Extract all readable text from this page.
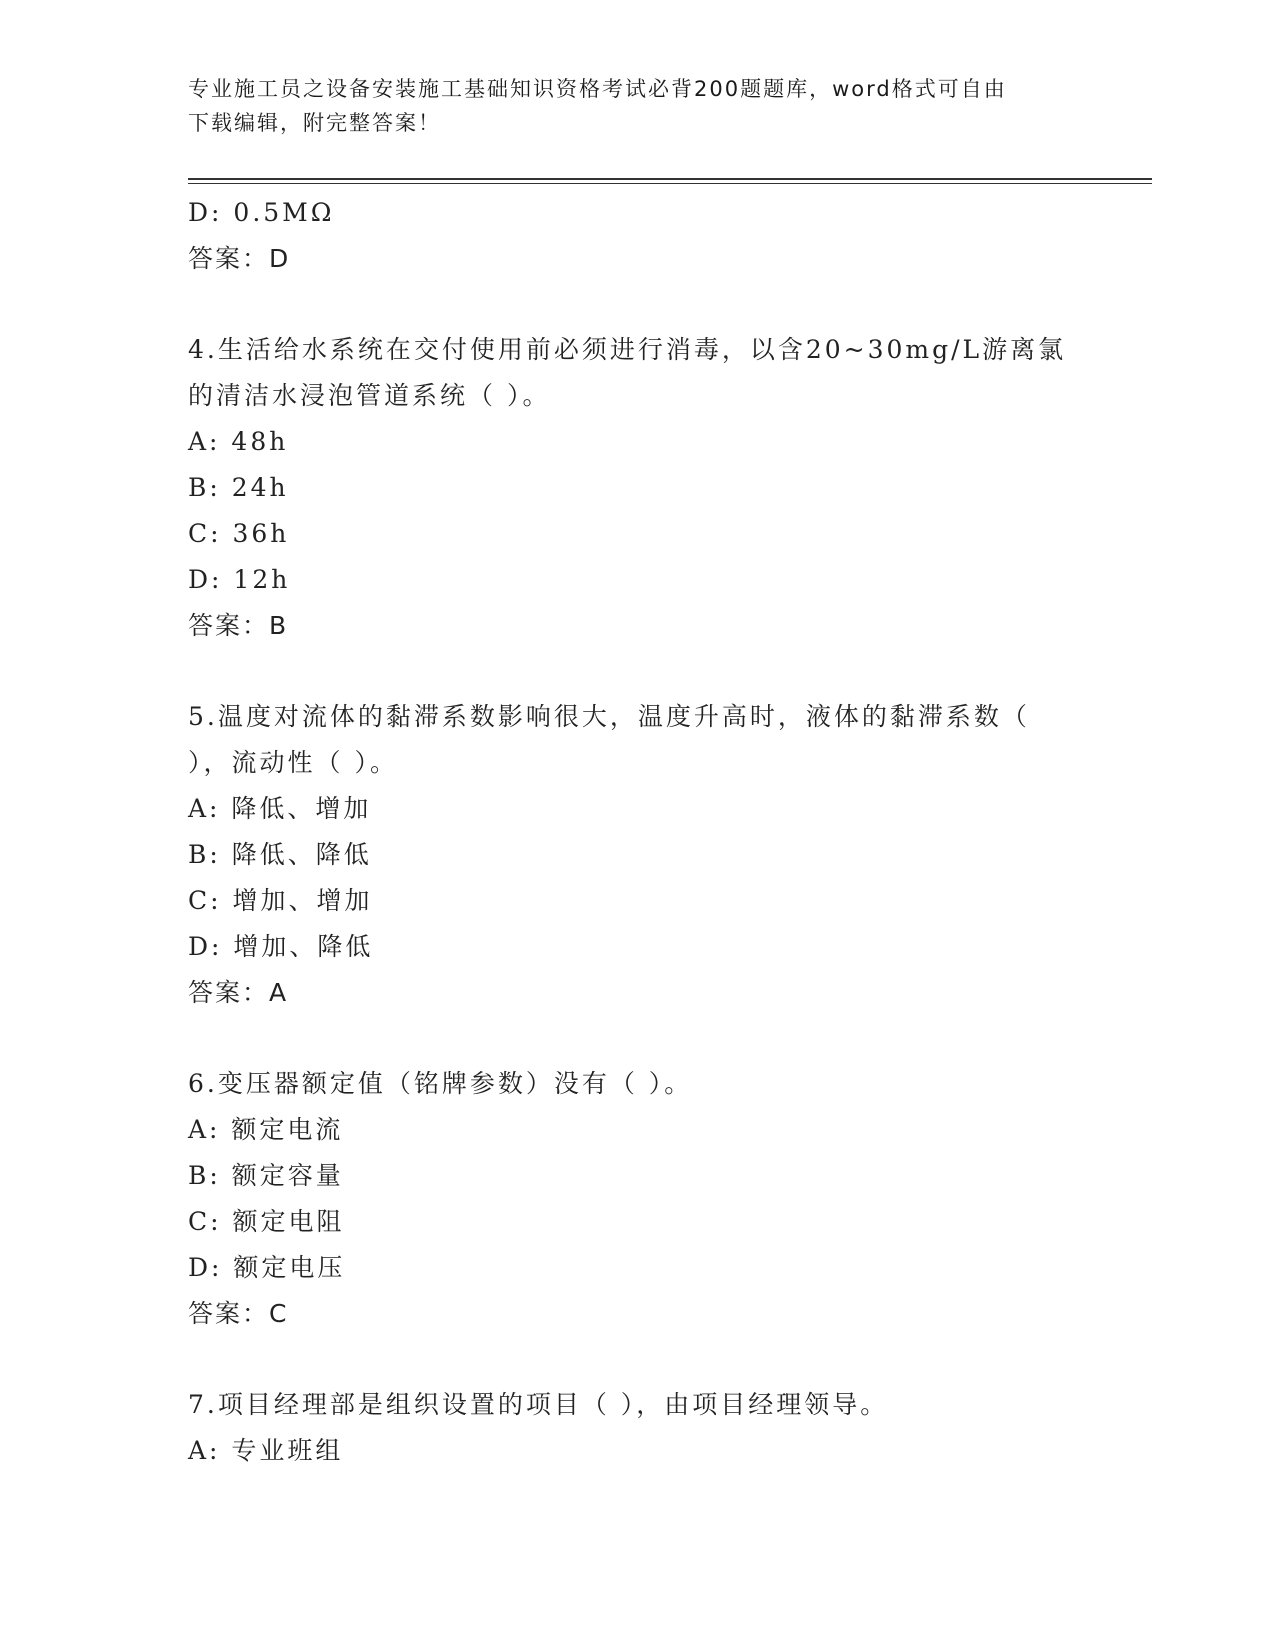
专业施工员之设备安装施工基础知识资格考试必背200题题库，word格式可自由
下载编辑，附完整答案！
D: 0.5MΩ
答案：D
4.生活给水系统在交付使用前必须进行消毒，以含20~30mg/L游离氯
的清洁水浸泡管道系统（ ）。
A: 48h
B: 24h
C: 36h
D: 12h
答案：B
5.温度对流体的黏滞系数影响很大，温度升高时，液体的黏滞系数（
），流动性（ ）。
A: 降低、增加
B: 降低、降低
C: 增加、增加
D: 增加、降低
答案：A
6.变压器额定值（铭牌参数）没有（ ）。
A: 额定电流
B: 额定容量
C: 额定电阻
D: 额定电压
答案：C
7.项目经理部是组织设置的项目（ ），由项目经理领导。
A: 专业班组
